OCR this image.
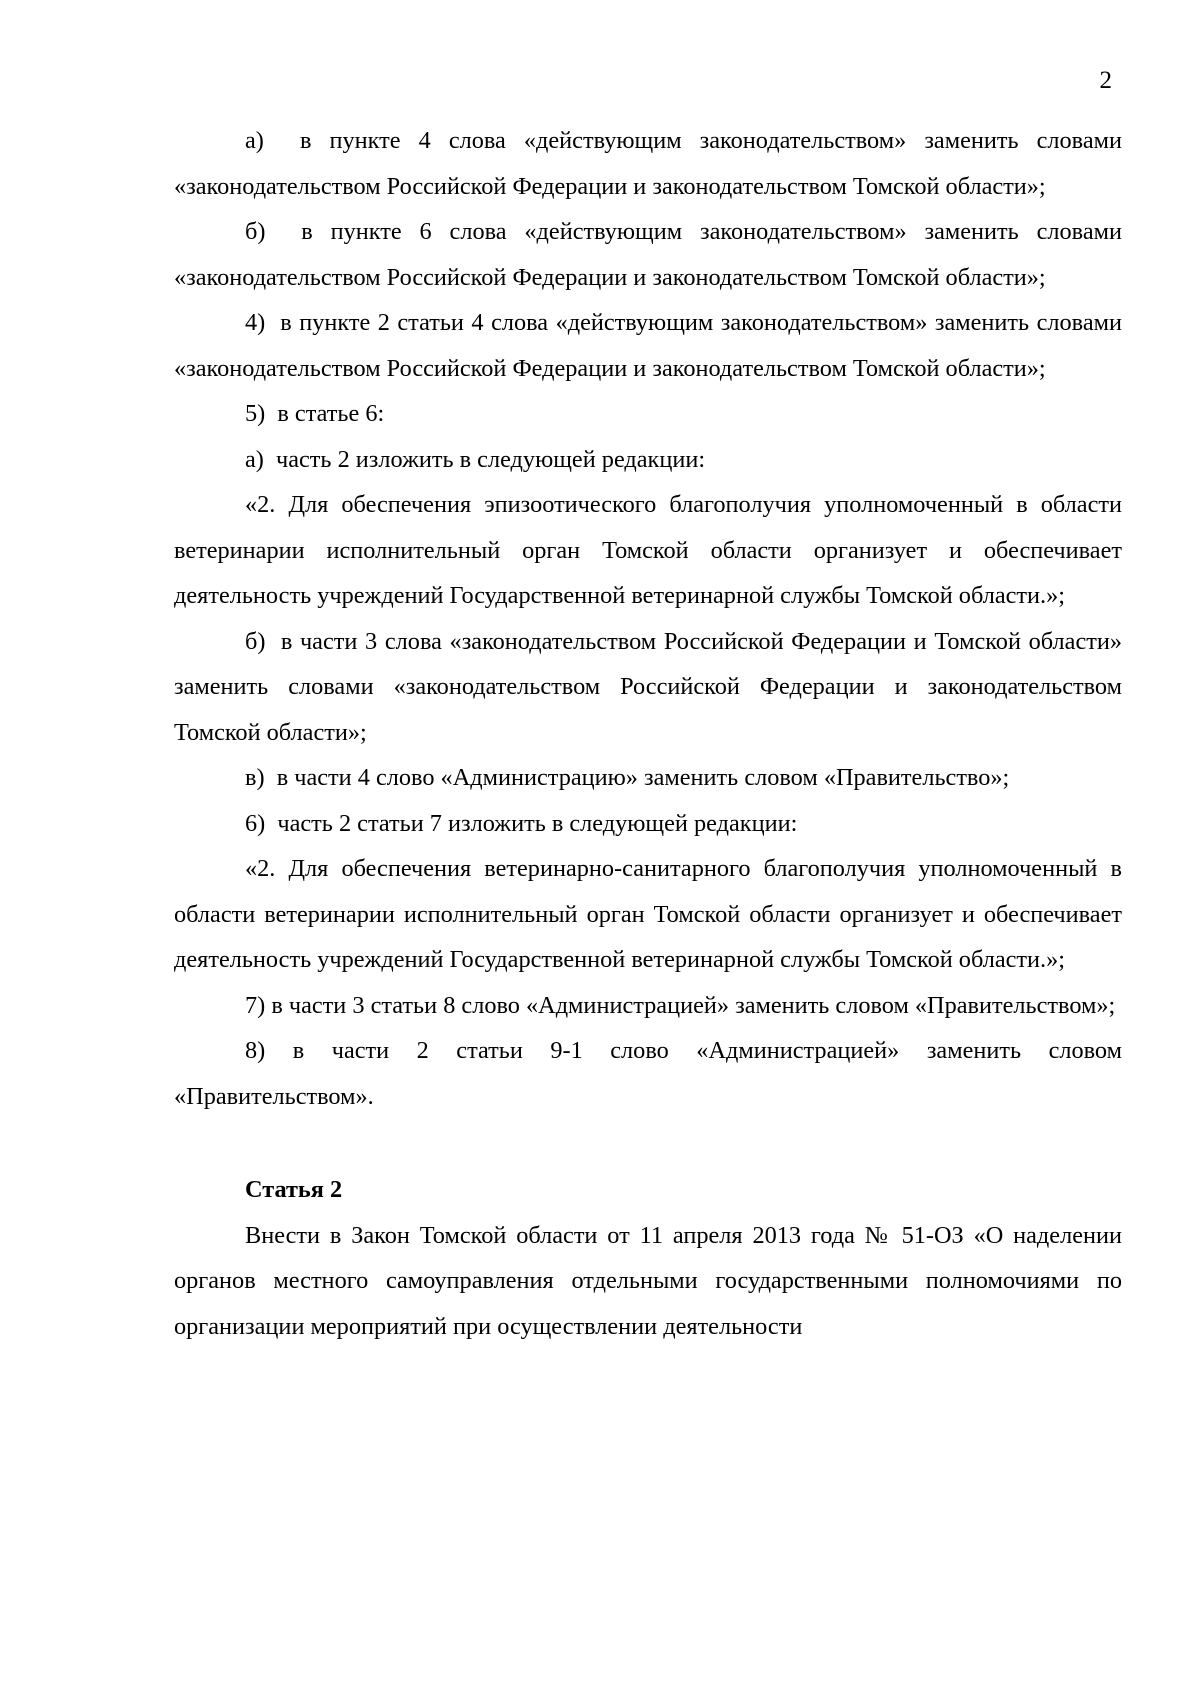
2

а)  в пункте 4 слова «действующим законодательством» заменить словами «законодательством Российской Федерации и законодательством Томской области»;

б)  в пункте 6 слова «действующим законодательством» заменить словами «законодательством Российской Федерации и законодательством Томской области»;

4)  в пункте 2 статьи 4 слова «действующим законодательством» заменить словами «законодательством Российской Федерации и законодательством Томской области»;

5)  в статье 6:

а)  часть 2 изложить в следующей редакции:

«2. Для обеспечения эпизоотического благополучия уполномоченный в области ветеринарии исполнительный орган Томской области организует и обеспечивает деятельность учреждений Государственной ветеринарной службы Томской области.»;

б)  в части 3 слова «законодательством Российской Федерации и Томской области» заменить словами «законодательством Российской Федерации и законодательством Томской области»;

в)  в части 4 слово «Администрацию» заменить словом «Правительство»;

6)  часть 2 статьи 7 изложить в следующей редакции:

«2. Для обеспечения ветеринарно-санитарного благополучия уполномоченный в области ветеринарии исполнительный орган Томской области организует и обеспечивает деятельность учреждений Государственной ветеринарной службы Томской области.»;

7) в части 3 статьи 8 слово «Администрацией» заменить словом «Правительством»;

8) в части 2 статьи 9-1 слово «Администрацией» заменить словом «Правительством».

Статья 2

Внести в Закон Томской области от 11 апреля 2013 года № 51-ОЗ «О наделении органов местного самоуправления отдельными государственными полномочиями по организации мероприятий при осуществлении деятельности
